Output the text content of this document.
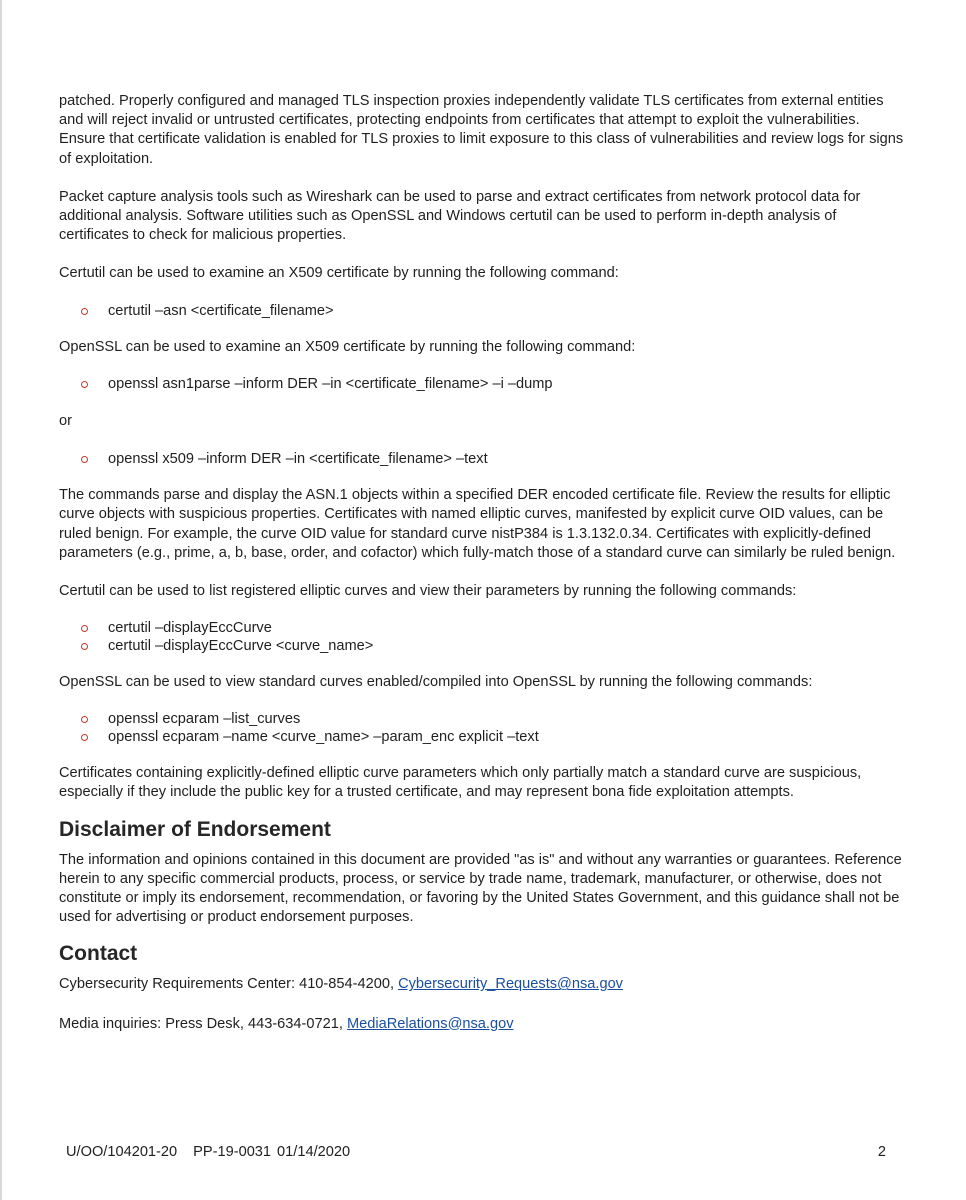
patched. Properly configured and managed TLS inspection proxies independently validate TLS certificates from external entities and will reject invalid or untrusted certificates, protecting endpoints from certificates that attempt to exploit the vulnerabilities. Ensure that certificate validation is enabled for TLS proxies to limit exposure to this class of vulnerabilities and review logs for signs of exploitation.

Packet capture analysis tools such as Wireshark can be used to parse and extract certificates from network protocol data for additional analysis. Software utilities such as OpenSSL and Windows certutil can be used to perform in-depth analysis of certificates to check for malicious properties.

Certutil can be used to examine an X509 certificate by running the following command:

certutil –asn <certificate_filename>

OpenSSL can be used to examine an X509 certificate by running the following command:

openssl asn1parse –inform DER –in <certificate_filename> –i –dump

or

openssl x509 –inform DER –in <certificate_filename> –text

The commands parse and display the ASN.1 objects within a specified DER encoded certificate file. Review the results for elliptic curve objects with suspicious properties. Certificates with named elliptic curves, manifested by explicit curve OID values, can be ruled benign. For example, the curve OID value for standard curve nistP384 is 1.3.132.0.34. Certificates with explicitly-defined parameters (e.g., prime, a, b, base, order, and cofactor) which fully-match those of a standard curve can similarly be ruled benign.

Certutil can be used to list registered elliptic curves and view their parameters by running the following commands:

certutil –displayEccCurve
certutil –displayEccCurve <curve_name>

OpenSSL can be used to view standard curves enabled/compiled into OpenSSL by running the following commands:

openssl ecparam –list_curves
openssl ecparam –name <curve_name> –param_enc explicit –text

Certificates containing explicitly-defined elliptic curve parameters which only partially match a standard curve are suspicious, especially if they include the public key for a trusted certificate, and may represent bona fide exploitation attempts.

Disclaimer of Endorsement

The information and opinions contained in this document are provided "as is" and without any warranties or guarantees. Reference herein to any specific commercial products, process, or service by trade name, trademark, manufacturer, or otherwise, does not constitute or imply its endorsement, recommendation, or favoring by the United States Government, and this guidance shall not be used for advertising or product endorsement purposes.

Contact

Cybersecurity Requirements Center: 410-854-4200, Cybersecurity_Requests@nsa.gov

Media inquiries: Press Desk, 443-634-0721, MediaRelations@nsa.gov

U/OO/104201-20 PP-19-0031 01/14/2020	2
